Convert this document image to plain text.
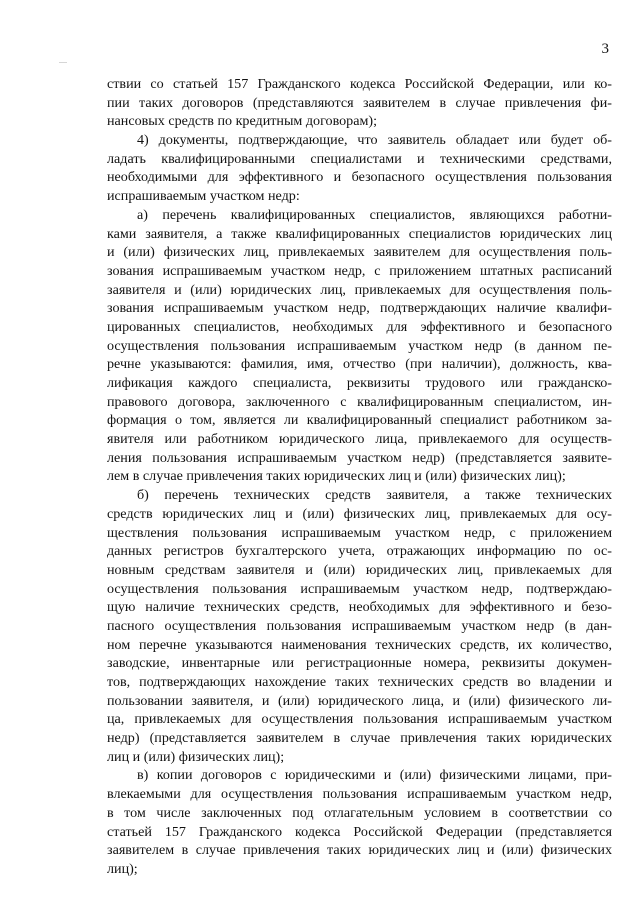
3
ствии со статьей 157 Гражданского кодекса Российской Федерации, или ко-
пии таких договоров (представляются заявителем в случае привлечения фи-
нансовых средств по кредитным договорам);
4) документы, подтверждающие, что заявитель обладает или будет об-
ладать квалифицированными специалистами и техническими средствами,
необходимыми для эффективного и безопасного осуществления пользования
испрашиваемым участком недр:
а) перечень квалифицированных специалистов, являющихся работни-
ками заявителя, а также квалифицированных специалистов юридических лиц
и (или) физических лиц, привлекаемых заявителем для осуществления поль-
зования испрашиваемым участком недр, с приложением штатных расписаний
заявителя и (или) юридических лиц, привлекаемых для осуществления поль-
зования испрашиваемым участком недр, подтверждающих наличие квалифи-
цированных специалистов, необходимых для эффективного и безопасного
осуществления пользования испрашиваемым участком недр (в данном пе-
речне указываются: фамилия, имя, отчество (при наличии), должность, ква-
лификация каждого специалиста, реквизиты трудового или гражданско-
правового договора, заключенного с квалифицированным специалистом, ин-
формация о том, является ли квалифицированный специалист работником за-
явителя или работником юридического лица, привлекаемого для осуществ-
ления пользования испрашиваемым участком недр) (представляется заявите-
лем в случае привлечения таких юридических лиц и (или) физических лиц);
б) перечень технических средств заявителя, а также технических
средств юридических лиц и (или) физических лиц, привлекаемых для осу-
ществления пользования испрашиваемым участком недр, с приложением
данных регистров бухгалтерского учета, отражающих информацию по ос-
новным средствам заявителя и (или) юридических лиц, привлекаемых для
осуществления пользования испрашиваемым участком недр, подтверждаю-
щую наличие технических средств, необходимых для эффективного и безо-
пасного осуществления пользования испрашиваемым участком недр (в дан-
ном перечне указываются наименования технических средств, их количество,
заводские, инвентарные или регистрационные номера, реквизиты докумен-
тов, подтверждающих нахождение таких технических средств во владении и
пользовании заявителя, и (или) юридического лица, и (или) физического ли-
ца, привлекаемых для осуществления пользования испрашиваемым участком
недр) (представляется заявителем в случае привлечения таких юридических
лиц и (или) физических лиц);
в) копии договоров с юридическими и (или) физическими лицами, при-
влекаемыми для осуществления пользования испрашиваемым участком недр,
в том числе заключенных под отлагательным условием в соответствии со
статьей 157 Гражданского кодекса Российской Федерации (представляется
заявителем в случае привлечения таких юридических лиц и (или) физических
лиц);
